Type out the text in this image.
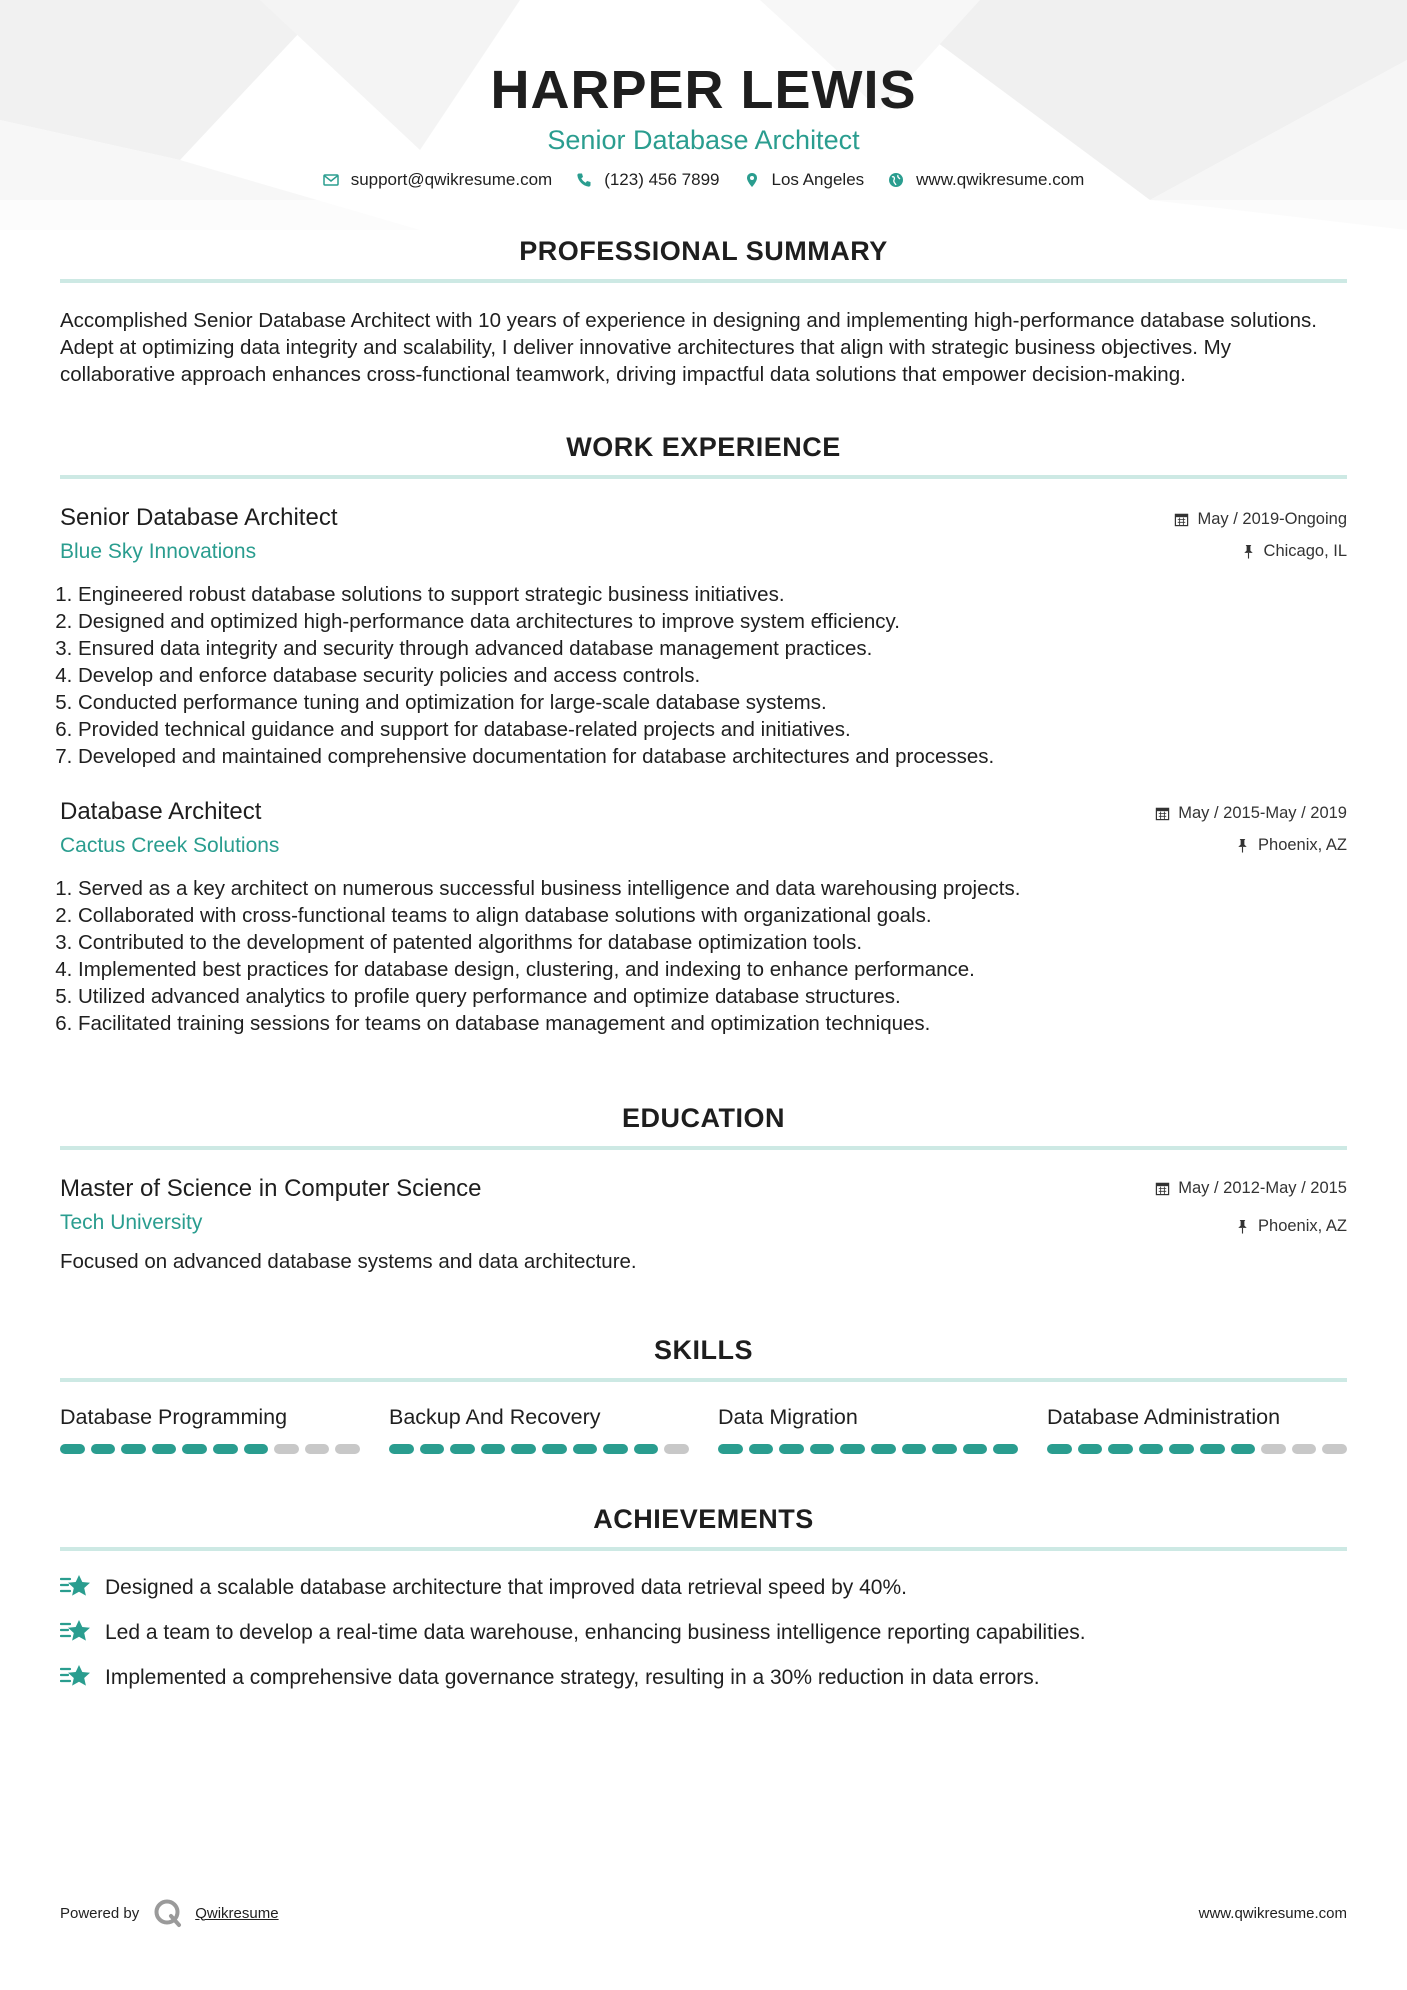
HARPER LEWIS
Senior Database Architect
support@qwikresume.com	(123) 456 7899	Los Angeles	www.qwikresume.com
PROFESSIONAL SUMMARY
Accomplished Senior Database Architect with 10 years of experience in designing and implementing high-performance database solutions. Adept at optimizing data integrity and scalability, I deliver innovative architectures that align with strategic business objectives. My collaborative approach enhances cross-functional teamwork, driving impactful data solutions that empower decision-making.
WORK EXPERIENCE
Senior Database Architect
Blue Sky Innovations
May / 2019-Ongoing
Chicago, IL
1. Engineered robust database solutions to support strategic business initiatives.
2. Designed and optimized high-performance data architectures to improve system efficiency.
3. Ensured data integrity and security through advanced database management practices.
4. Develop and enforce database security policies and access controls.
5. Conducted performance tuning and optimization for large-scale database systems.
6. Provided technical guidance and support for database-related projects and initiatives.
7. Developed and maintained comprehensive documentation for database architectures and processes.
Database Architect
Cactus Creek Solutions
May / 2015-May / 2019
Phoenix, AZ
1. Served as a key architect on numerous successful business intelligence and data warehousing projects.
2. Collaborated with cross-functional teams to align database solutions with organizational goals.
3. Contributed to the development of patented algorithms for database optimization tools.
4. Implemented best practices for database design, clustering, and indexing to enhance performance.
5. Utilized advanced analytics to profile query performance and optimize database structures.
6. Facilitated training sessions for teams on database management and optimization techniques.
EDUCATION
Master of Science in Computer Science
Tech University
May / 2012-May / 2015
Phoenix, AZ
Focused on advanced database systems and data architecture.
SKILLS
Database Programming	Backup And Recovery	Data Migration	Database Administration
ACHIEVEMENTS
Designed a scalable database architecture that improved data retrieval speed by 40%.
Led a team to develop a real-time data warehouse, enhancing business intelligence reporting capabilities.
Implemented a comprehensive data governance strategy, resulting in a 30% reduction in data errors.
Powered by	Qwikresume	www.qwikresume.com
